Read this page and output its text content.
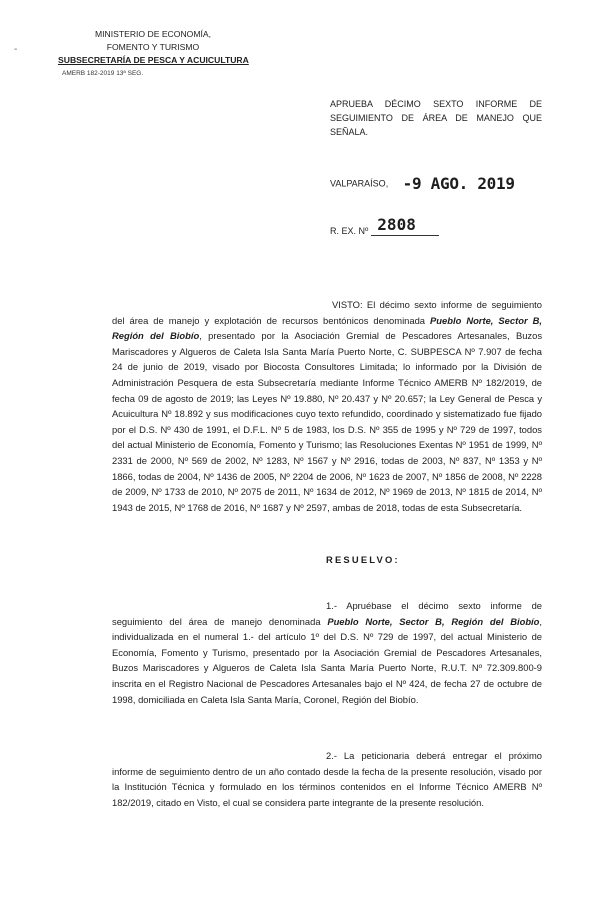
-
MINISTERIO DE ECONOMÍA,
FOMENTO Y TURISMO
SUBSECRETARÍA DE PESCA Y ACUICULTURA
AMERB 182-2019 13ª SEG.
APRUEBA DÉCIMO SEXTO INFORME DE SEGUIMIENTO DE ÁREA DE MANEJO QUE SEÑALA.
VALPARAÍSO, -9 AGO. 2019
R. EX. Nº 2808
VISTO: El décimo sexto informe de seguimiento del área de manejo y explotación de recursos bentónicos denominada Pueblo Norte, Sector B, Región del Biobío, presentado por la Asociación Gremial de Pescadores Artesanales, Buzos Mariscadores y Algueros de Caleta Isla Santa María Puerto Norte, C. SUBPESCA Nº 7.907 de fecha 24 de junio de 2019, visado por Biocosta Consultores Limitada; lo informado por la División de Administración Pesquera de esta Subsecretaría mediante Informe Técnico AMERB Nº 182/2019, de fecha 09 de agosto de 2019; las Leyes Nº 19.880, Nº 20.437 y Nº 20.657; la Ley General de Pesca y Acuicultura Nº 18.892 y sus modificaciones cuyo texto refundido, coordinado y sistematizado fue fijado por el D.S. Nº 430 de 1991, el D.F.L. Nº 5 de 1983, los D.S. Nº 355 de 1995 y Nº 729 de 1997, todos del actual Ministerio de Economía, Fomento y Turismo; las Resoluciones Exentas Nº 1951 de 1999, Nº 2331 de 2000, Nº 569 de 2002, Nº 1283, Nº 1567 y Nº 2916, todas de 2003, Nº 837, Nº 1353 y Nº 1866, todas de 2004, Nº 1436 de 2005, Nº 2204 de 2006, Nº 1623 de 2007, Nº 1856 de 2008, Nº 2228 de 2009, Nº 1733 de 2010, Nº 2075 de 2011, Nº 1634 de 2012, Nº 1969 de 2013, Nº 1815 de 2014, Nº 1943 de 2015, Nº 1768 de 2016, Nº 1687 y Nº 2597, ambas de 2018, todas de esta Subsecretaría.
RESUELVO:
1.- Apruébase el décimo sexto informe de seguimiento del área de manejo denominada Pueblo Norte, Sector B, Región del Biobío, individualizada en el numeral 1.- del artículo 1º del D.S. Nº 729 de 1997, del actual Ministerio de Economía, Fomento y Turismo, presentado por la Asociación Gremial de Pescadores Artesanales, Buzos Mariscadores y Algueros de Caleta Isla Santa María Puerto Norte, R.U.T. Nº 72.309.800-9 inscrita en el Registro Nacional de Pescadores Artesanales bajo el Nº 424, de fecha 27 de octubre de 1998, domiciliada en Caleta Isla Santa María, Coronel, Región del Biobío.
2.- La peticionaria deberá entregar el próximo informe de seguimiento dentro de un año contado desde la fecha de la presente resolución, visado por la Institución Técnica y formulado en los términos contenidos en el Informe Técnico AMERB Nº 182/2019, citado en Visto, el cual se considera parte integrante de la presente resolución.
